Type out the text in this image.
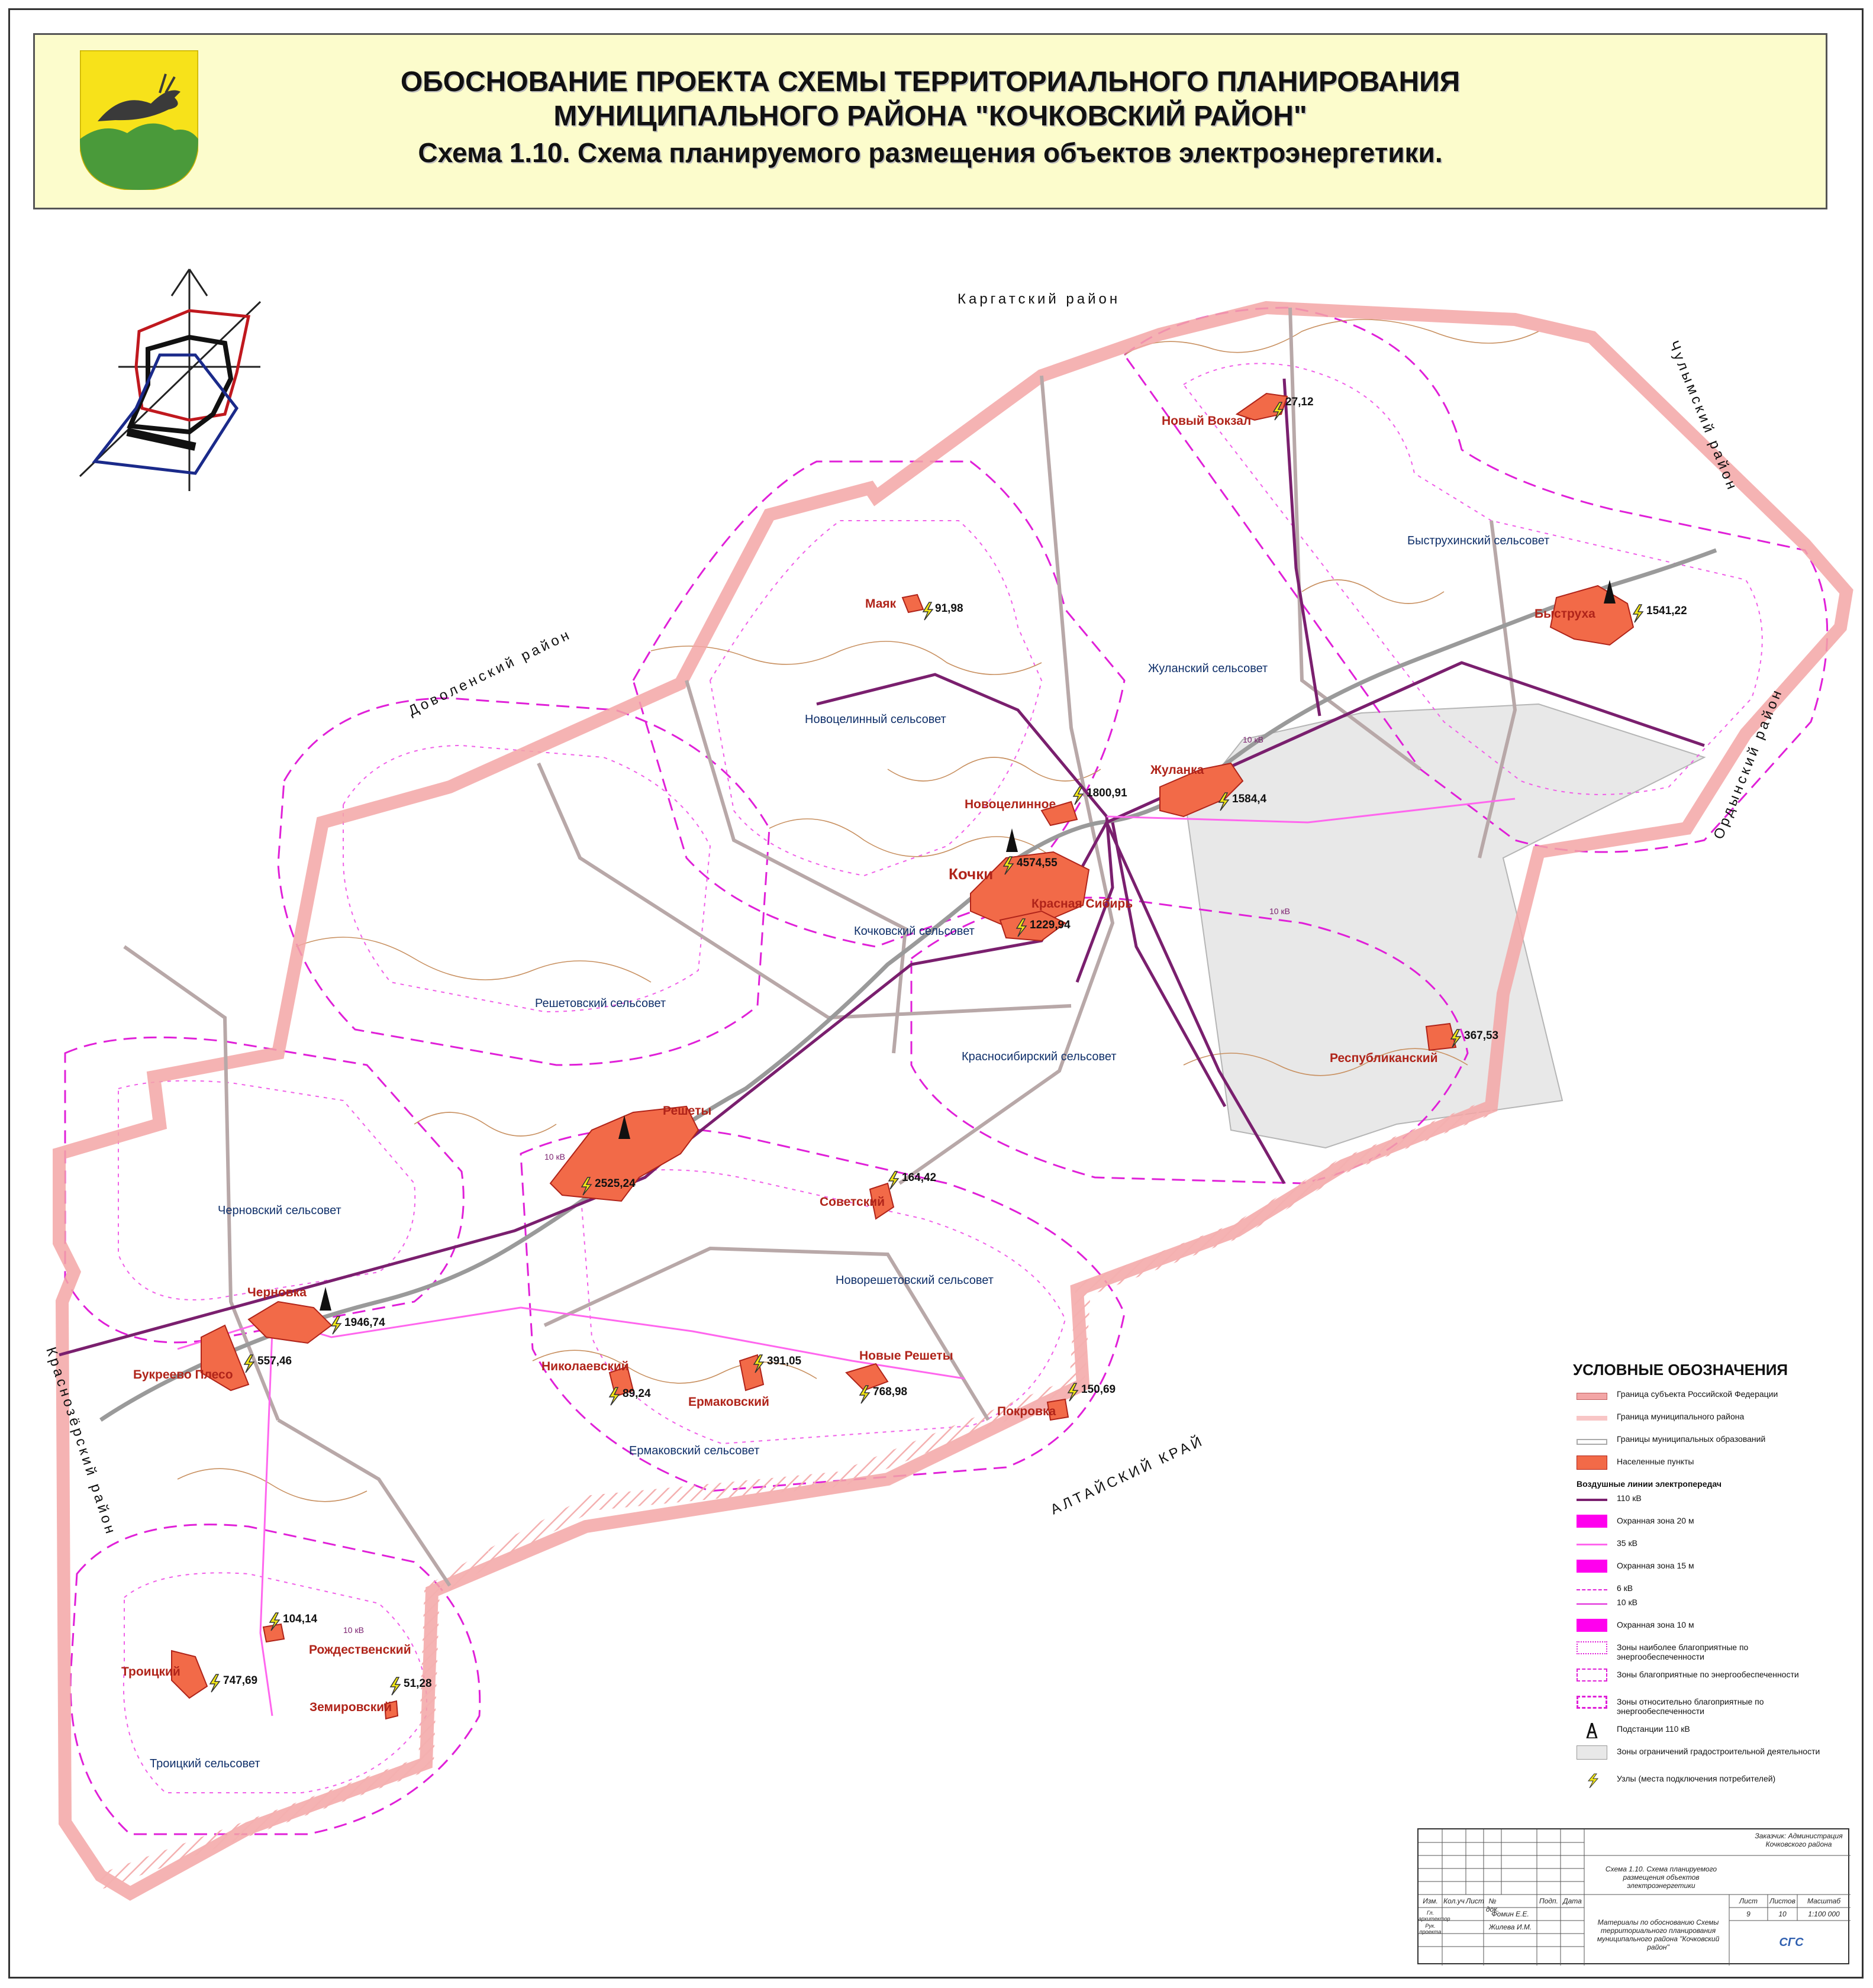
ОБОСНОВАНИЕ ПРОЕКТА СХЕМЫ ТЕРРИТОРИАЛЬНОГО ПЛАНИРОВАНИЯ
МУНИЦИПАЛЬНОГО РАЙОНА "КОЧКОВСКИЙ РАЙОН"
Схема 1.10. Схема планируемого размещения объектов электроэнергетики.
Каргатский район
Чулымский район
Ордынский район
Доволенский район
Краснозёрский район	АЛТАЙСКИЙ КРАЙ
Быструхинский сельсовет
Жуланский сельсовет
Новоцелинный сельсовет
Кочковский сельсовет
Решетовский сельсовет
Красносибирский сельсовет
Черновский сельсовет
Новорешетовский сельсовет
Ермаковский сельсовет
Троицкий сельсовет
Новый Вокзал
Маяк
Быструха
Жуланка
Новоцелинное
Кочки
Красная Сибирь
Республиканский
Решеты
Советский
Черновка
Букреево Плесо
Николаевский
Ермаковский
Новые Решеты
Покровка
Рождественский
Троицкий
Земировский
27,12
91,98	1541,22
1584,4
1800,91
4574,55
1229,94
367,53
2525,24	164,42
1946,74
557,46
89,24
391,05
768,98	150,69
104,14
747,69	51,28
10 кВ
10 кВ
10 кВ
10 кВ
УСЛОВНЫЕ ОБОЗНАЧЕНИЯ
Граница субъекта Российской Федерации
Граница муниципального района
Границы муниципальных образований
Населенные пункты
Воздушные линии электропередач
110 кВ
Охранная зона 20 м
35 кВ
Охранная зона 15 м
6 кВ
10 кВ
Охранная зона 10 м
Зоны наиболее благоприятные по энергообеспеченности
Зоны благоприятные по энергообеспеченности
Зоны относительно благоприятные по энергообеспеченности
Подстанции 110 кВ
Зоны ограничений градостроительной деятельности
Узлы (места подключения потребителей)
Заказчик: Администрация Кочковского района
Схема 1.10. Схема планируемого размещения объектов электроэнергетики
Материалы по обоснованию Схемы территориального планирования муниципального района "Кочковский район"
Изм. Кол.уч Лист № док.
Подп. Дата
Гл. архитектор
Фомин Е.Е.
Рук. проекта
Жилева И.М.
Лист	Листов	Масштаб
9	10	1:100 000
СГС
